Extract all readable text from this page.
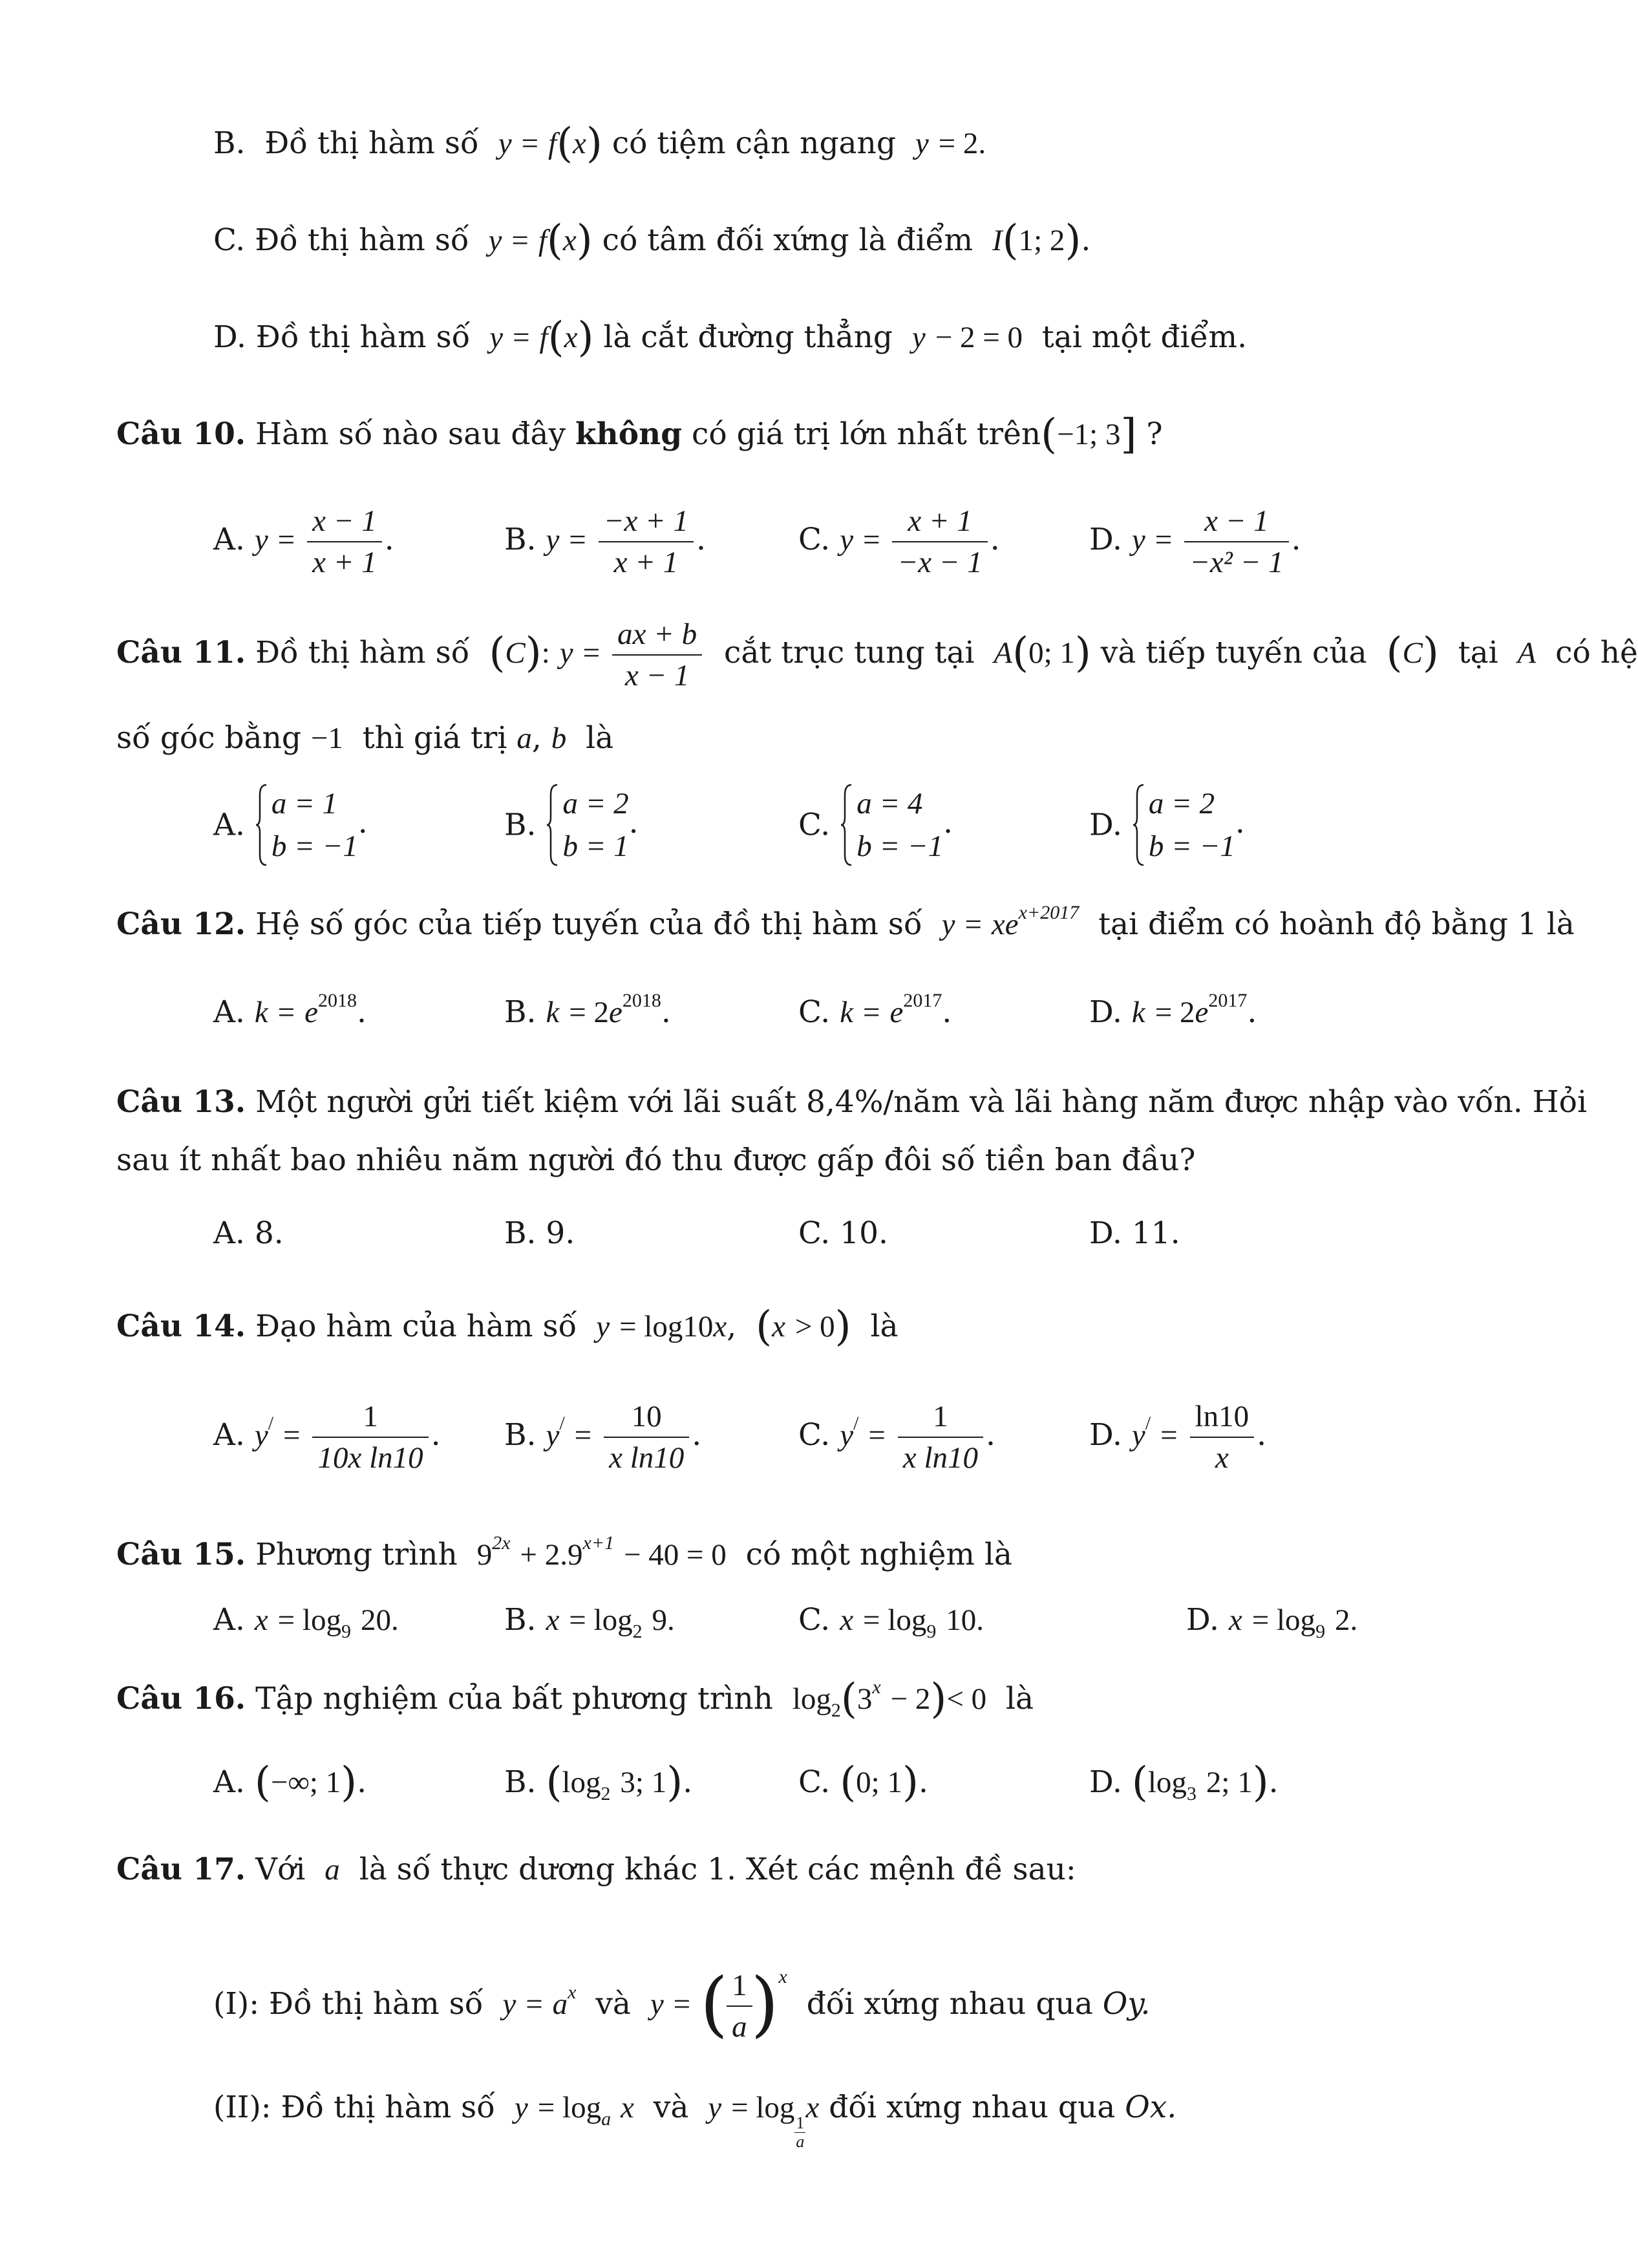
B. Đồ thị hàm số y = f(x) có tiệm cận ngang y = 2.
C. Đồ thị hàm số y = f(x) có tâm đối xứng là điểm I(1; 2).
D. Đồ thị hàm số y = f(x) là cắt đường thẳng y − 2 = 0 tại một điểm.
Câu 10. Hàm số nào sau đây không có giá trị lớn nhất trên(−1; 3] ?
A. $y = \frac{x - 1}{x + 1}$ .	B. $y = \frac{-x + 1}{x + 1}$ .	C. $y = \frac{x + 1}{-x - 1}$ .	D. $y = \frac{x - 1}{\text{−x² − 1}}$ .
Câu 11. Đồ thị hàm số (C): $y = \frac{ax + b}{x - 1}$ cắt trục tung tại A(0; 1) và tiếp tuyến của (C) tại A có hệ
số góc bằng −1 thì giá trị a, b là
A.
a = 1
b = −1
.	B.
a = 2
b = 1
.	C.
a = 4
b = −1
.	D.
a = 2
b = −1
.
Câu 12. Hệ số góc của tiếp tuyến của đồ thị hàm số $y = xe^{x+2017}$ tại điểm có hoành độ bằng 1 là
A. $k = e^{2018}$.	B. $k = 2e^{2018}$.	C. $k = e^{2017}$.	D. $k = 2e^{2017}$.
Câu 13. Một người gửi tiết kiệm với lãi suất 8,4%/năm và lãi hàng năm được nhập vào vốn. Hỏi
sau ít nhất bao nhiêu năm người đó thu được gấp đôi số tiền ban đầu?
A. 8.	B. 9.	C. 10.	D. 11.
Câu 14. Đạo hàm của hàm số y = log10x,  (x > 0) là
A. $y^/ = \frac{1}{\text{10x ln10}}$ . B. $y^/ = \frac{10}{\text{x ln10}}$ .	C. $y^/ = \frac{1}{\text{x ln10}}$ .	D. $y^/ = \frac{\ln 10}{x}$ .
Câu 15. Phương trình $9^{2x} + 2.9^{x+1} - 40 = 0$ có một nghiệm là
A. $x = \log_9 20$.	B. $x = \log_2 9$.	C. $x = \log_9 10$.	D. $x = \log_9 2$.
Câu 16. Tập nghiệm của bất phương trình $\log_2(3^x - 2)< 0$ là
A. (−∞; 1).	B. ($\log_2$ 3; 1).	C. (0; 1).	D. ($\log_3$ 2; 1).
Câu 17. Với a là số thực dương khác 1. Xét các mệnh đề sau:
(I): Đồ thị hàm số $y = a^x$ và y = (
$\frac{1}{a}$
)$^x$  đối xứng nhau qua Oy.
(II): Đồ thị hàm số $y = \log_a x$ và y = log
$\frac{1}{a}$
x đối xứng nhau qua Ox.
